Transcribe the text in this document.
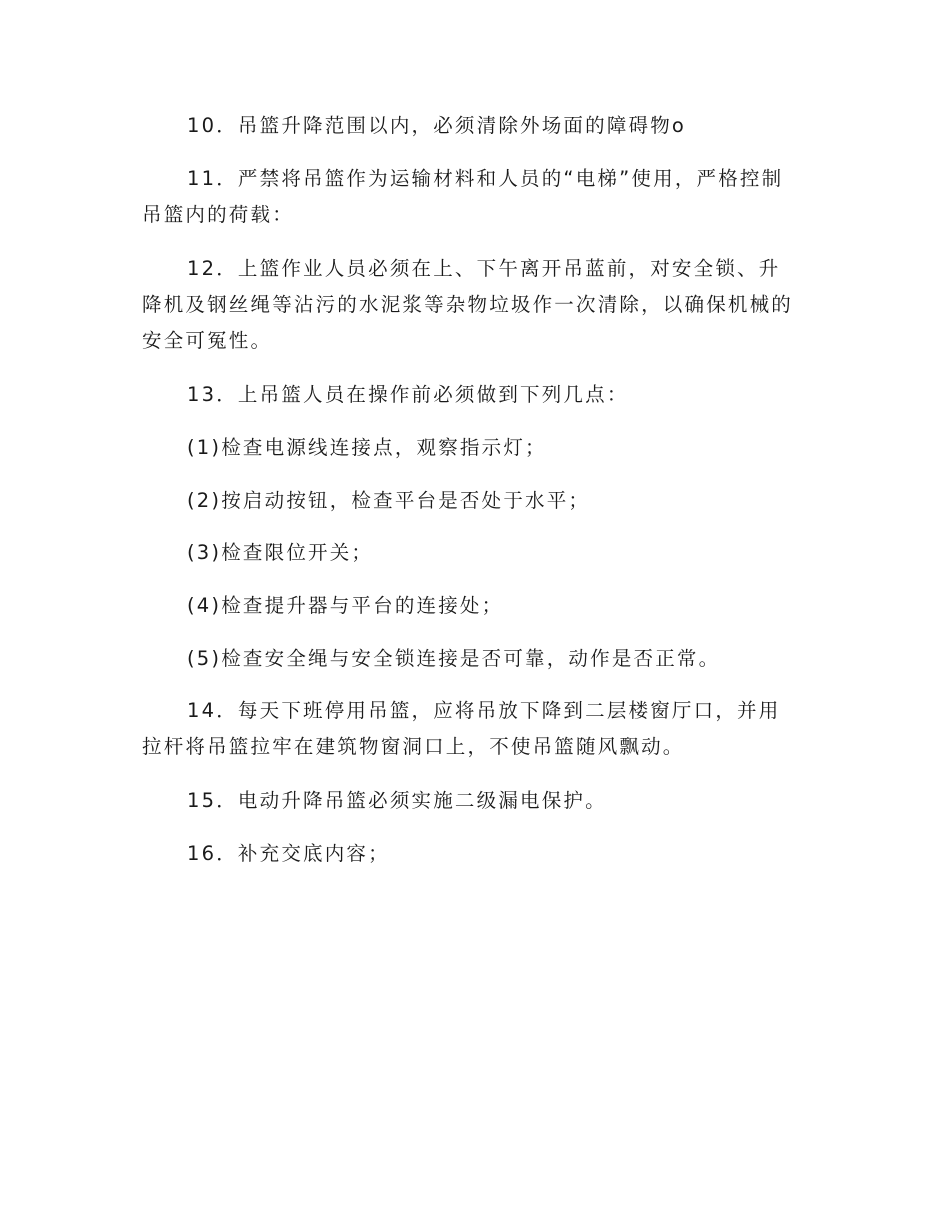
10．吊篮升降范围以内，必须清除外场面的障碍物o

11．严禁将吊篮作为运输材料和人员的“电梯”使用，严格控制吊篮内的荷载：

12．上篮作业人员必须在上、下午离开吊蓝前，对安全锁、升降机及钢丝绳等沾污的水泥浆等杂物垃圾作一次清除，以确保机械的安全可冤性。

13．上吊篮人员在操作前必须做到下列几点：

(1)检查电源线连接点，观察指示灯；

(2)按启动按钮，检查平台是否处于水平；

(3)检查限位开关；

(4)检查提升器与平台的连接处；

(5)检查安全绳与安全锁连接是否可靠，动作是否正常。

14．每天下班停用吊篮，应将吊放下降到二层楼窗厅口，并用拉杆将吊篮拉牢在建筑物窗洞口上，不使吊篮随风飘动。

15．电动升降吊篮必须实施二级漏电保护。

16．补充交底内容；
